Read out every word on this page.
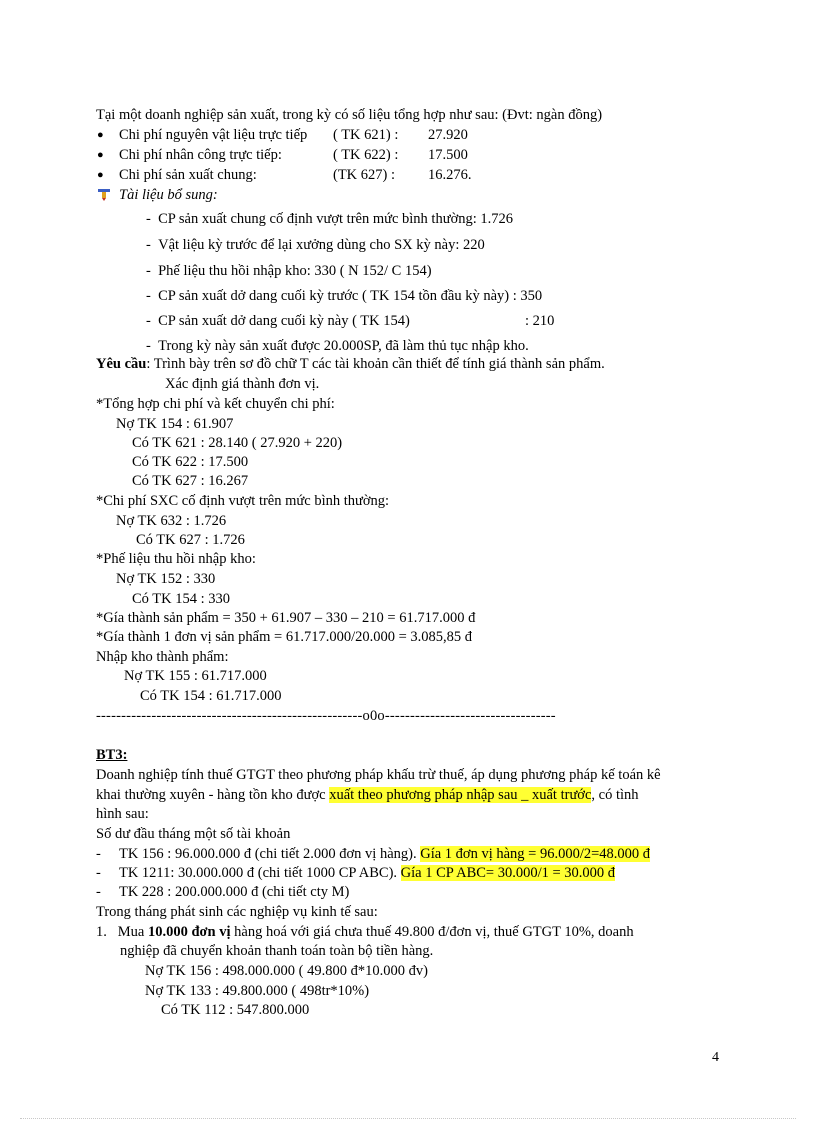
Tại một doanh nghiệp sản xuất, trong kỳ có số liệu tổng hợp như sau: (Đvt: ngàn đồng)
● Chi phí nguyên vật liệu trực tiếp ( TK 621) : 27.920
● Chi phí nhân công trực tiếp:	( TK 622) : 17.500
● Chi phí sản xuất chung:	(TK 627) : 16.276.
Tài liệu bổ sung:
-  CP sản xuất chung cố định vượt trên mức bình thường: 1.726
-  Vật liệu kỳ trước để lại xưởng dùng cho SX kỳ này: 220
-  Phế liệu thu hồi nhập kho: 330 ( N 152/ C 154)
-  CP sản xuất dở dang cuối kỳ trước ( TK 154 tồn đầu kỳ này) : 350
-  CP sản xuất dở dang cuối kỳ này ( TK 154)	: 210
-  Trong kỳ này sản xuất được 20.000SP, đã làm thủ tục nhập kho.
Yêu cầu: Trình bày trên sơ đồ chữ T các tài khoản cần thiết để tính giá thành sản phẩm.
Xác định giá thành đơn vị.
*Tổng hợp chi phí và kết chuyển chi phí:
Nợ TK 154 : 61.907
Có TK 621 : 28.140 ( 27.920 + 220)
Có TK 622 : 17.500
Có TK 627 : 16.267
*Chi phí SXC cố định vượt trên mức bình thường:
Nợ TK 632 : 1.726
Có TK 627 : 1.726
*Phế liệu thu hồi nhập kho:
Nợ TK 152 : 330
Có TK 154 : 330
*Gía thành sản phẩm = 350 + 61.907 – 330 – 210 = 61.717.000 đ
*Gía thành 1 đơn vị sản phẩm = 61.717.000/20.000 = 3.085,85 đ
Nhập kho thành phẩm:
Nợ TK 155 : 61.717.000
Có TK 154 : 61.717.000
-----------------------------------------------------o0o----------------------------------
BT3:
Doanh nghiệp tính thuế GTGT theo phương pháp khấu trừ thuế, áp dụng phương pháp kế toán kê
khai thường xuyên - hàng tồn kho được xuất theo phương pháp nhập sau _ xuất trước, có tình
hình sau:
Số dư đầu tháng một số tài khoản
-     TK 156 : 96.000.000 đ (chi tiết 2.000 đơn vị hàng). Gía 1 đơn vị hàng = 96.000/2=48.000 đ
-     TK 1211: 30.000.000 đ (chi tiết 1000 CP ABC). Gía 1 CP ABC= 30.000/1 = 30.000 đ
-     TK 228 : 200.000.000 đ (chi tiết cty M)
Trong tháng phát sinh các nghiệp vụ kinh tế sau:
1. Mua 10.000 đơn vị hàng hoá với giá chưa thuế 49.800 đ/đơn vị, thuế GTGT 10%, doanh
nghiệp đã chuyển khoản thanh toán toàn bộ tiền hàng.
Nợ TK 156 : 498.000.000 ( 49.800 đ*10.000 đv)
Nợ TK 133 : 49.800.000 ( 498tr*10%)
Có TK 112 : 547.800.000
4
